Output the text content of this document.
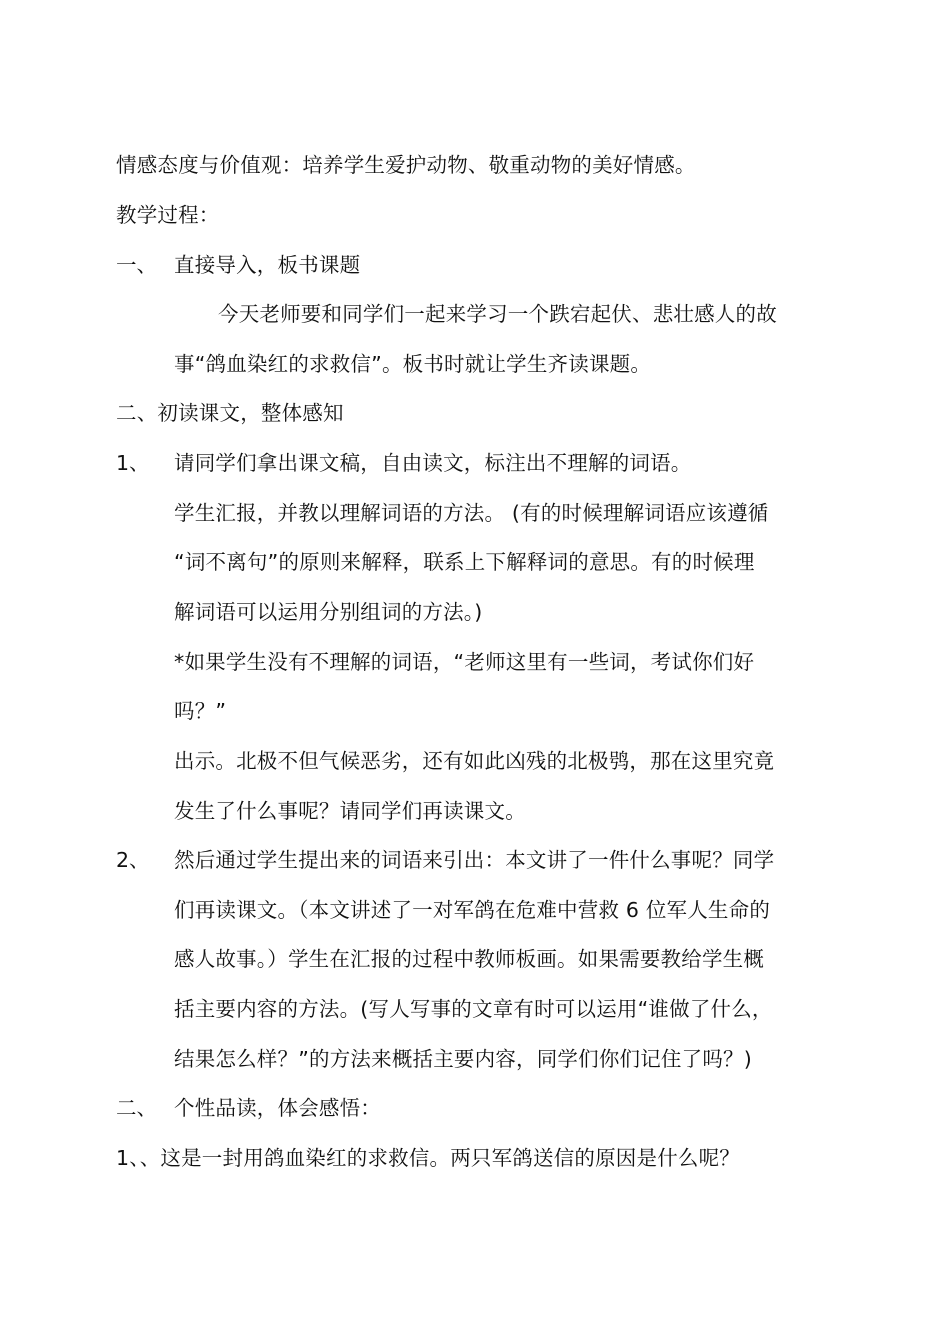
情感态度与价值观：培养学生爱护动物、敬重动物的美好情感。
教学过程：
一、 直接导入，板书课题
今天老师要和同学们一起来学习一个跌宕起伏、悲壮感人的故
事“鸽血染红的求救信”。板书时就让学生齐读课题。
二、初读课文，整体感知
1、 请同学们拿出课文稿，自由读文，标注出不理解的词语。
学生汇报，并教以理解词语的方法。 (有的时候理解词语应该遵循
“词不离句”的原则来解释，联系上下解释词的意思。有的时候理
解词语可以运用分别组词的方法。)
*如果学生没有不理解的词语，“老师这里有一些词，考试你们好
吗？”
出示。北极不但气候恶劣，还有如此凶残的北极鸮，那在这里究竟
发生了什么事呢？请同学们再读课文。
2、 然后通过学生提出来的词语来引出：本文讲了一件什么事呢？同学
们再读课文。（本文讲述了一对军鸽在危难中营救 6 位军人生命的
感人故事。）学生在汇报的过程中教师板画。如果需要教给学生概
括主要内容的方法。(写人写事的文章有时可以运用“谁做了什么，
结果怎么样？”的方法来概括主要内容，同学们你们记住了吗？)
二、 个性品读，体会感悟：
1、、这是一封用鸽血染红的求救信。两只军鸽送信的原因是什么呢？
